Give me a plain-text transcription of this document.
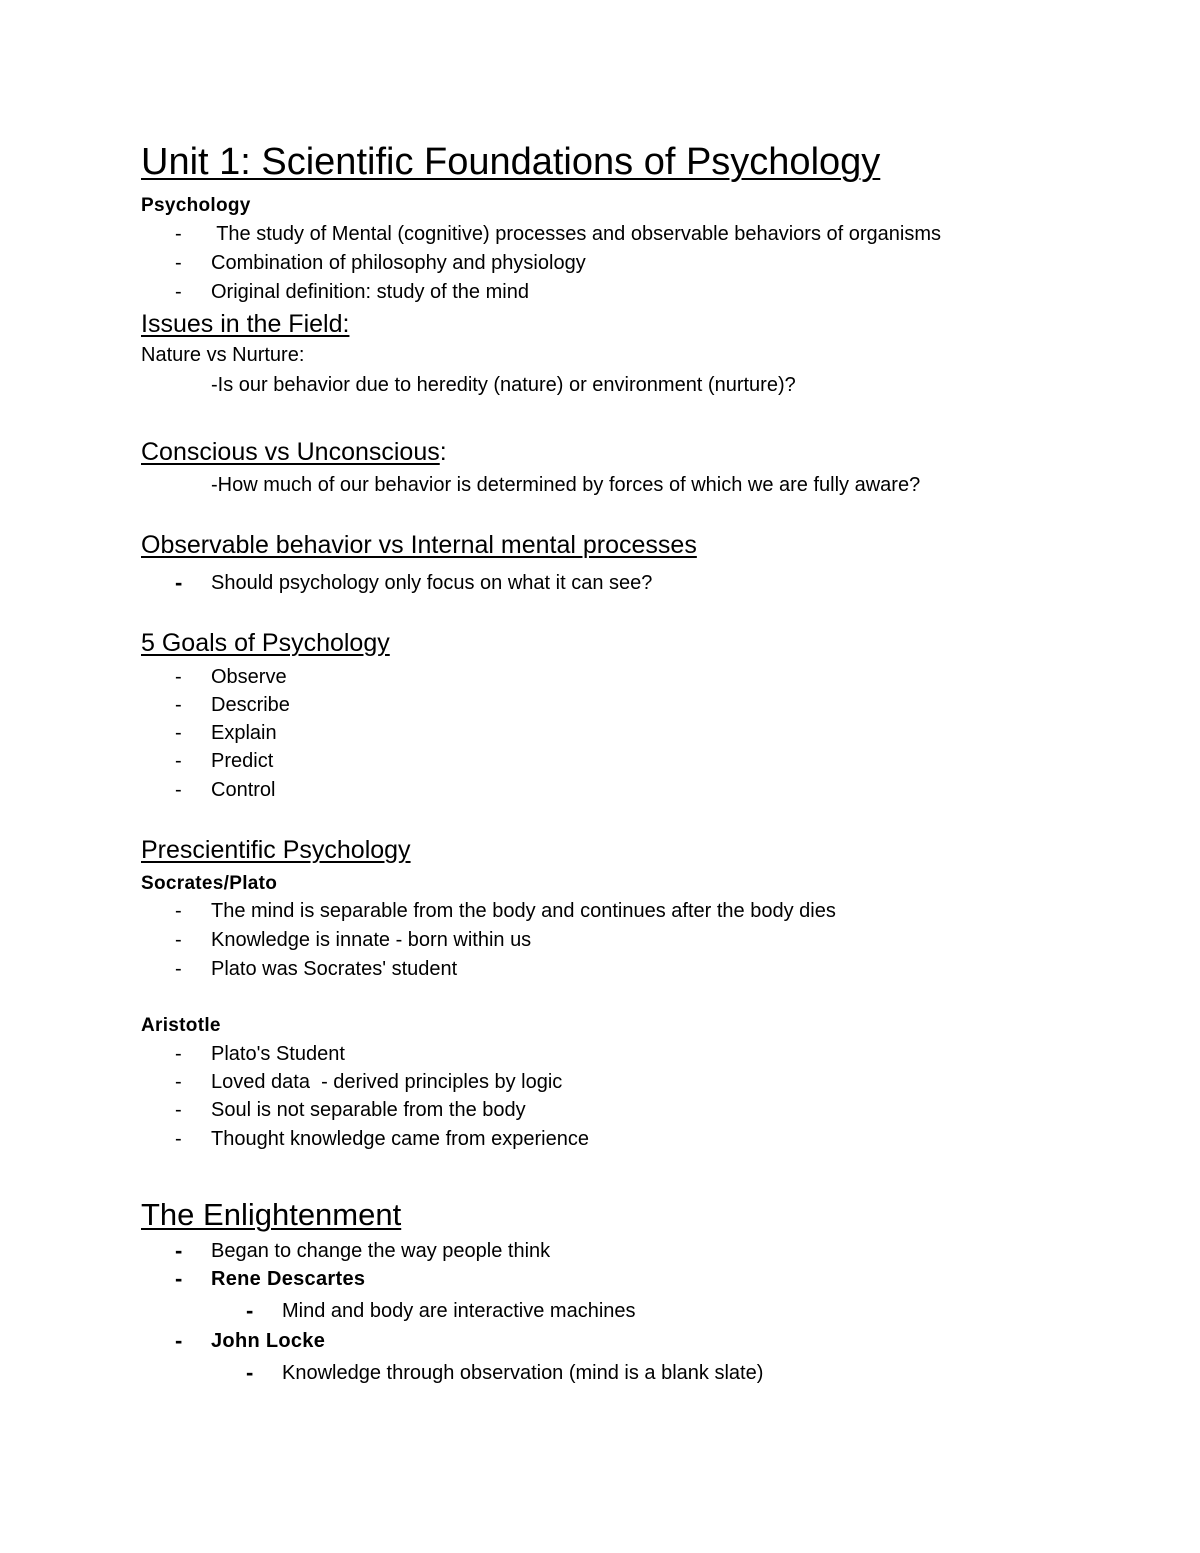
Unit 1: Scientific Foundations of Psychology
Psychology
- The study of Mental (cognitive) processes and observable behaviors of organisms
- Combination of philosophy and physiology
- Original definition: study of the mind
Issues in the Field:
Nature vs Nurture:
-Is our behavior due to heredity (nature) or environment (nurture)?
Conscious vs Unconscious:
-How much of our behavior is determined by forces of which we are fully aware?
Observable behavior vs Internal mental processes
- Should psychology only focus on what it can see?
5 Goals of Psychology
- Observe
- Describe
- Explain
- Predict
- Control
Prescientific Psychology
Socrates/Plato
- The mind is separable from the body and continues after the body dies
- Knowledge is innate - born within us
- Plato was Socrates' student
Aristotle
- Plato's Student
- Loved data  - derived principles by logic
- Soul is not separable from the body
- Thought knowledge came from experience
The Enlightenment
- Began to change the way people think
- Rene Descartes
- Mind and body are interactive machines
- John Locke
- Knowledge through observation (mind is a blank slate)
